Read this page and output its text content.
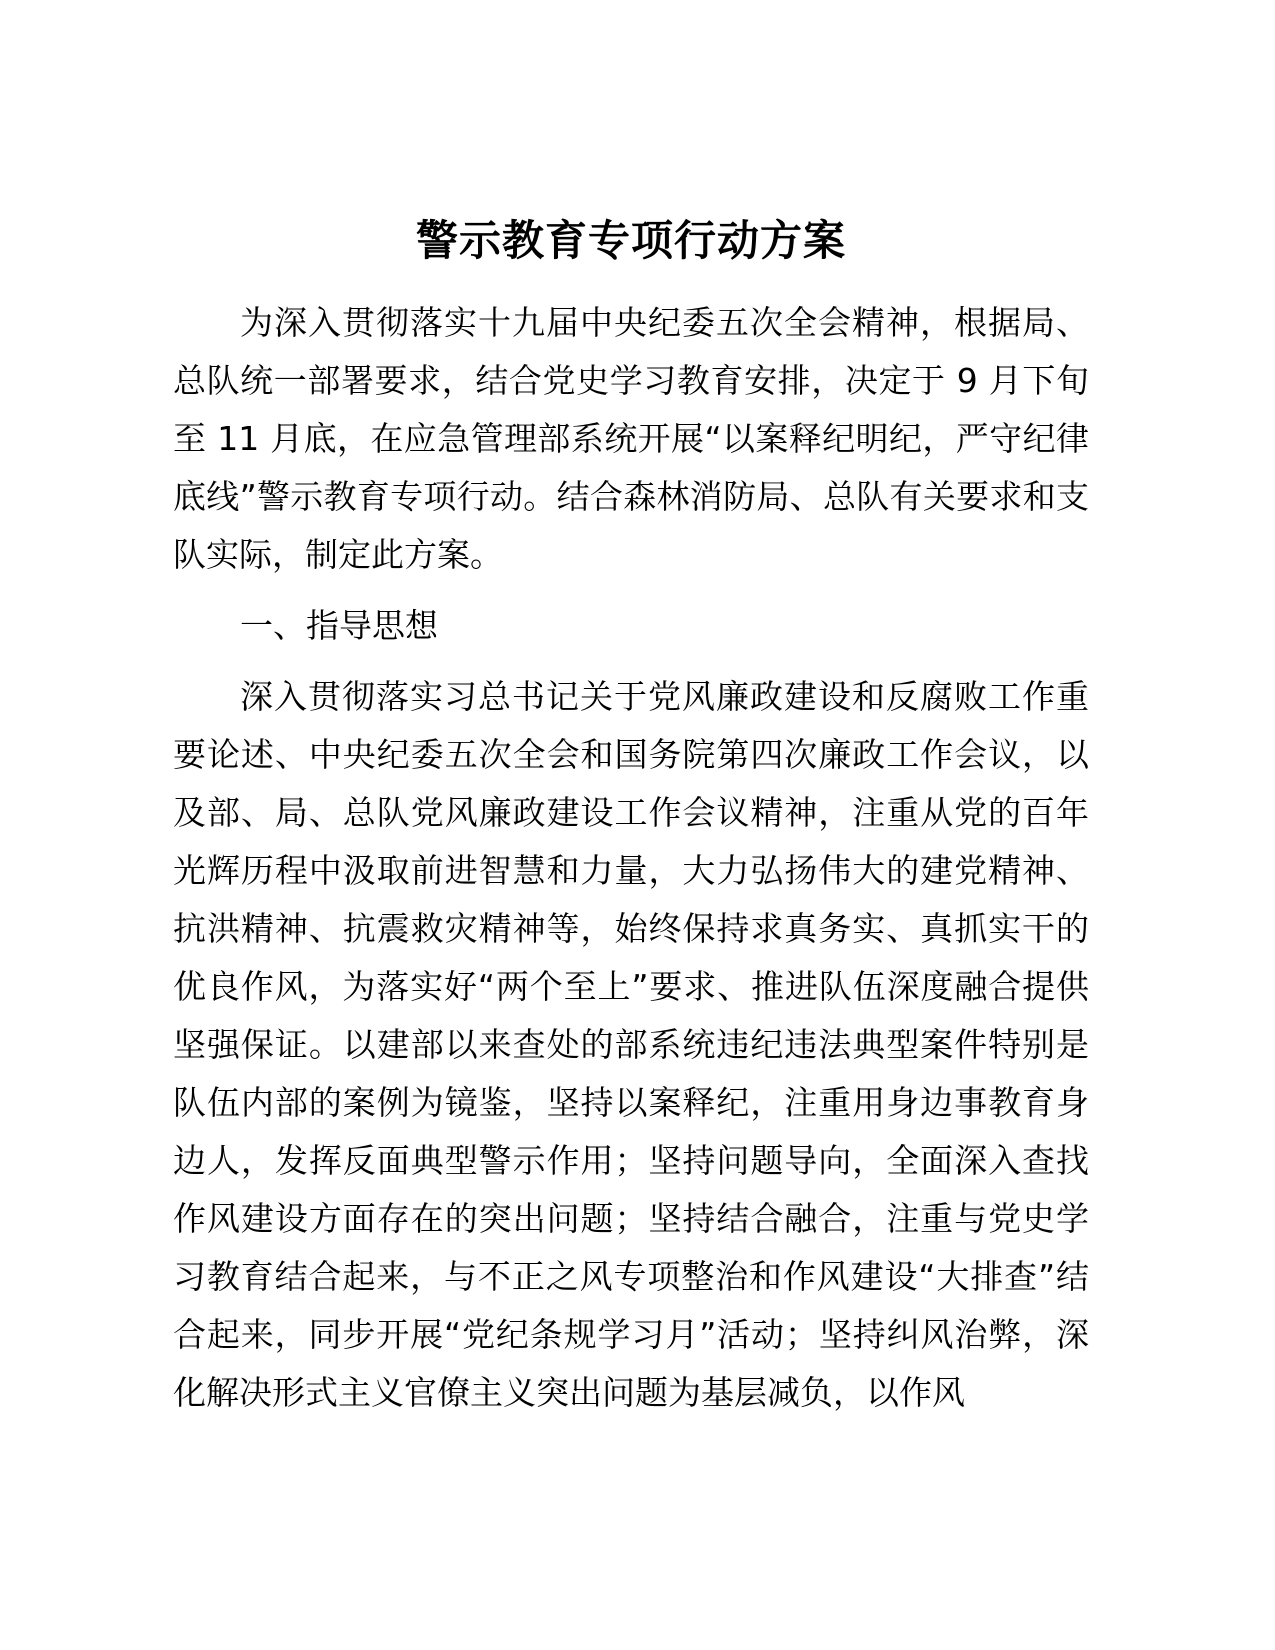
警示教育专项行动方案

为深入贯彻落实十九届中央纪委五次全会精神，根据局、总队统一部署要求，结合党史学习教育安排，决定于 9 月下旬至 11 月底，在应急管理部系统开展“以案释纪明纪，严守纪律底线”警示教育专项行动。结合森林消防局、总队有关要求和支队实际，制定此方案。

一、指导思想

深入贯彻落实习总书记关于党风廉政建设和反腐败工作重要论述、中央纪委五次全会和国务院第四次廉政工作会议，以及部、局、总队党风廉政建设工作会议精神，注重从党的百年光辉历程中汲取前进智慧和力量，大力弘扬伟大的建党精神、抗洪精神、抗震救灾精神等，始终保持求真务实、真抓实干的优良作风，为落实好“两个至上”要求、推进队伍深度融合提供坚强保证。以建部以来查处的部系统违纪违法典型案件特别是队伍内部的案例为镜鉴，坚持以案释纪，注重用身边事教育身边人，发挥反面典型警示作用；坚持问题导向，全面深入查找作风建设方面存在的突出问题；坚持结合融合，注重与党史学习教育结合起来，与不正之风专项整治和作风建设“大排查”结合起来，同步开展“党纪条规学习月”活动；坚持纠风治弊，深化解决形式主义官僚主义突出问题为基层减负，以作风
